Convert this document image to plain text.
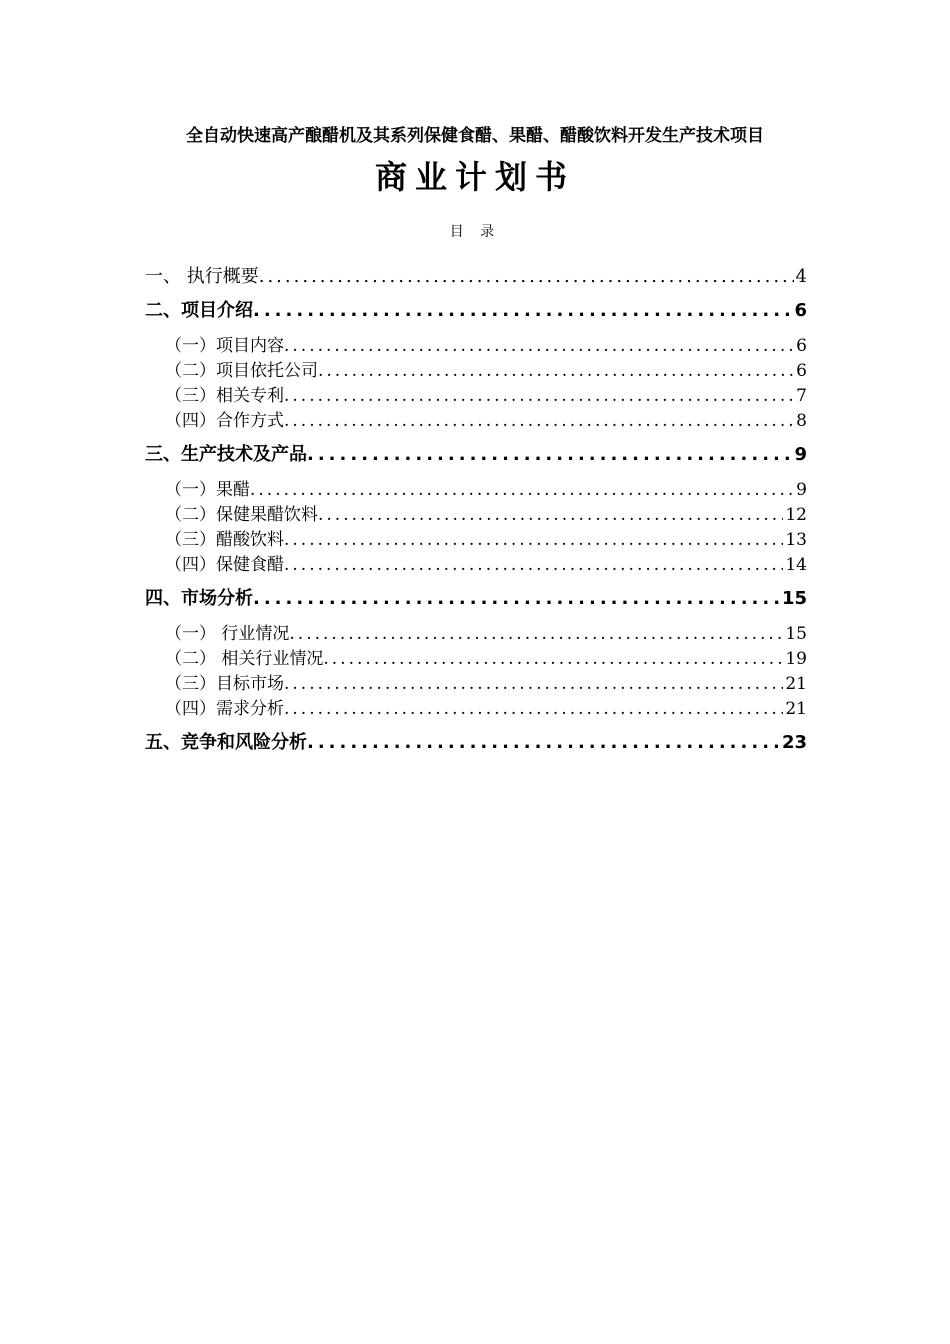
全自动快速高产酿醋机及其系列保健食醋、果醋、醋酸饮料开发生产技术项目
商业计划书
目 录
一、 执行概要 .....	4
二、项目介绍 .....	6
（一）项目内容 .....	6
（二）项目依托公司 .....	6
（三）相关专利 .....	7
（四）合作方式 .....	8
三、生产技术及产品 .....	9
（一）果醋 .....	9
（二）保健果醋饮料 .....	12
（三）醋酸饮料 .....	13
（四）保健食醋 .....	14
四、市场分析 .....	15
（一） 行业情况 .....	15
（二） 相关行业情况 .....	19
（三）目标市场 .....	21
（四）需求分析 .....	21
五、竞争和风险分析 .....	23
